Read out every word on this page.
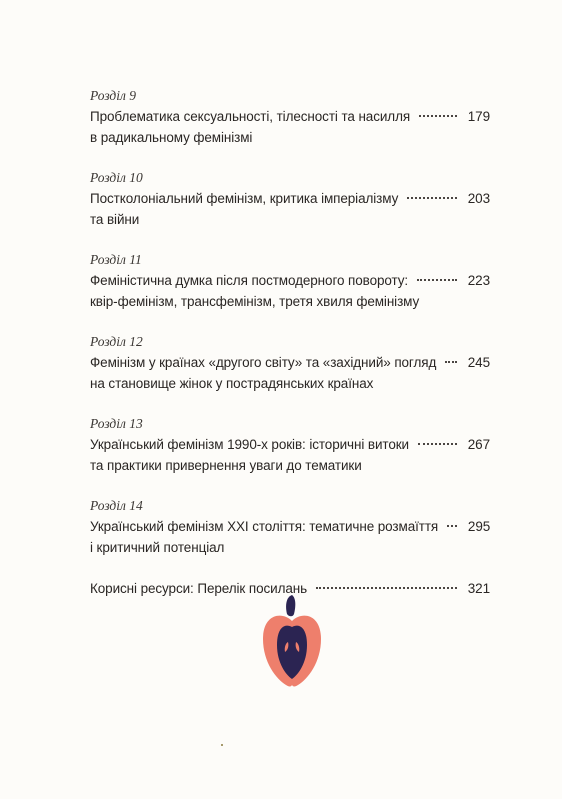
Розділ 9
Проблематика сексуальності, тілесності та насилля	179
в радикальному фемінізмі
Розділ 10
Постколоніальний фемінізм, критика імперіалізму	203
та війни
Розділ 11
Феміністична думка після постмодерного повороту:	223
квір-фемінізм, трансфемінізм, третя хвиля фемінізму
Розділ 12
Фемінізм у країнах «другого світу» та «західний» погляд 245
на становище жінок у пострадянських країнах
Розділ 13
Український фемінізм 1990-х років: історичні витоки	267
та практики привернення уваги до тематики
Розділ 14
Український фемінізм XXI століття: тематичне розмаїття 295
і критичний потенціал
Корисні ресурси: Перелік посилань	321
